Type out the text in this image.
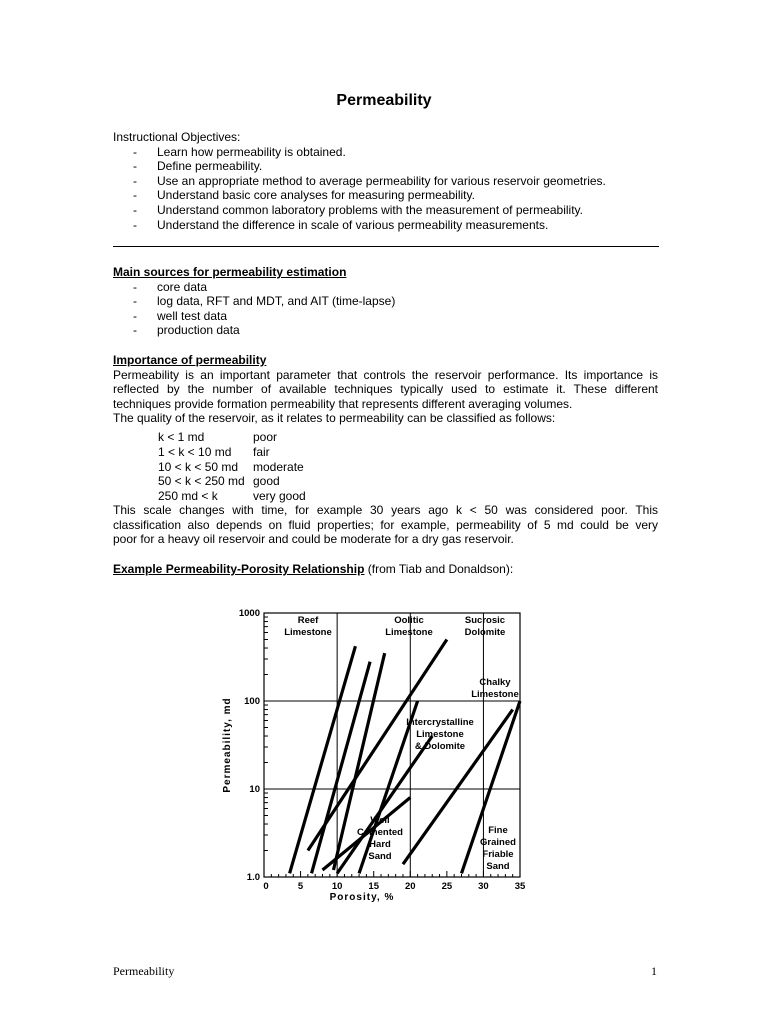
Permeability
Instructional Objectives:
- Learn how permeability is obtained.
- Define permeability.
- Use an appropriate method to average permeability for various reservoir geometries.
- Understand basic core analyses for measuring permeability.
- Understand common laboratory problems with the measurement of permeability.
- Understand the difference in scale of various permeability measurements.
Main sources for permeability estimation
- core data
- log data, RFT and MDT, and AIT (time-lapse)
- well test data
- production data
Importance of permeability
Permeability is an important parameter that controls the reservoir performance. Its importance is
reflected by the number of available techniques typically used to estimate it. These different
techniques provide formation permeability that represents different averaging volumes.
The quality of the reservoir, as it relates to permeability can be classified as follows:
k < 1 md	poor
1 < k < 10 md fair
10 < k < 50 md moderate
50 < k < 250 md good
250 md < k	very good
This scale changes with time, for example 30 years ago k < 50 was considered poor. This
classification also depends on fluid properties; for example, permeability of 5 md could be very
poor for a heavy oil reservoir and could be moderate for a dry gas reservoir.
Example Permeability-Porosity Relationship (from Tiab and Donaldson):
1.0
10
100
1000
0	5	10	15	20	25	30	35
Porosity, %
Permeability, md
Reef Limestone
Oolitic Limestone
Sucrosic Dolomite
Chalky Limestone
Intercrystalline Limestone & Dolomite
Well Cemented Hard Sand
Fine Grained Friable Sand
Permeability	1
